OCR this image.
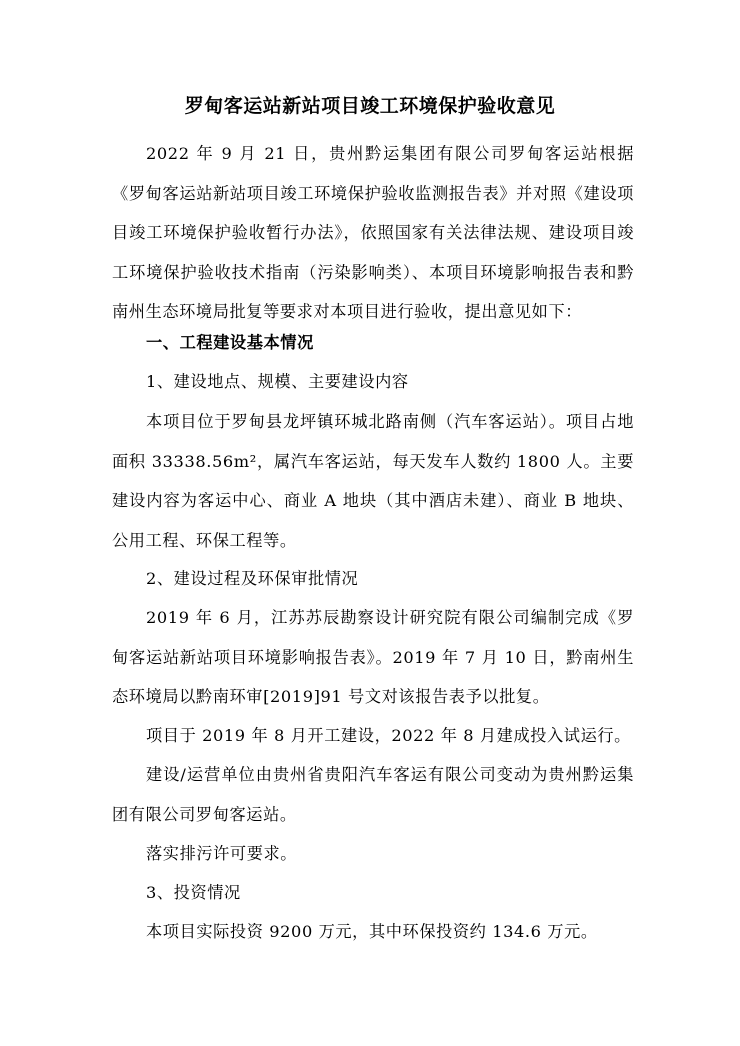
罗甸客运站新站项目竣工环境保护验收意见
2022 年 9 月 21 日，贵州黔运集团有限公司罗甸客运站根据《罗甸客运站新站项目竣工环境保护验收监测报告表》并对照《建设项目竣工环境保护验收暂行办法》，依照国家有关法律法规、建设项目竣工环境保护验收技术指南（污染影响类）、本项目环境影响报告表和黔南州生态环境局批复等要求对本项目进行验收，提出意见如下：
一、工程建设基本情况
1、建设地点、规模、主要建设内容
本项目位于罗甸县龙坪镇环城北路南侧（汽车客运站）。项目占地面积 33338.56m²，属汽车客运站，每天发车人数约 1800 人。主要建设内容为客运中心、商业 A 地块（其中酒店未建）、商业 B 地块、公用工程、环保工程等。
2、建设过程及环保审批情况
2019 年 6 月，江苏苏辰勘察设计研究院有限公司编制完成《罗甸客运站新站项目环境影响报告表》。2019 年 7 月 10 日，黔南州生态环境局以黔南环审[2019]91 号文对该报告表予以批复。
项目于 2019 年 8 月开工建设，2022 年 8 月建成投入试运行。
建设/运营单位由贵州省贵阳汽车客运有限公司变动为贵州黔运集团有限公司罗甸客运站。
落实排污许可要求。
3、投资情况
本项目实际投资 9200 万元，其中环保投资约 134.6 万元。
